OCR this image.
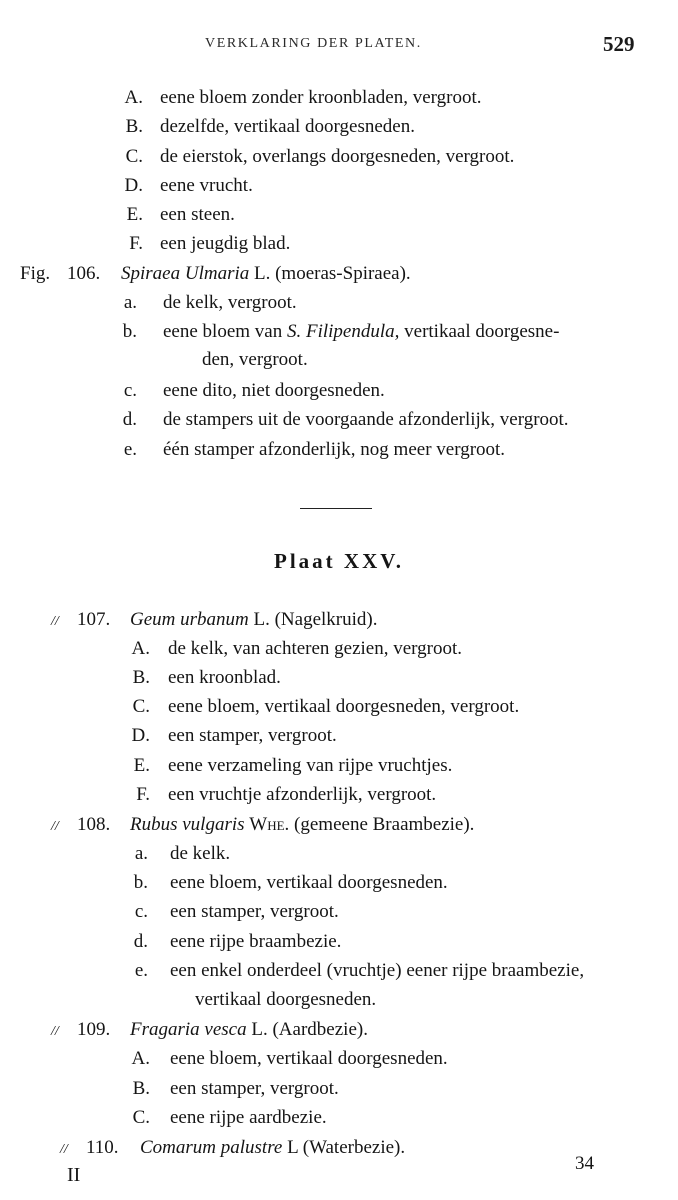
VERKLARING DER PLATEN.	529
A. eene bloem zonder kroonbladen, vergroot.
B. dezelfde, vertikaal doorgesneden.
C. de eierstok, overlangs doorgesneden, vergroot.
D. eene vrucht.
E. een steen.
F. een jeugdig blad.
Fig. 106. Spiraea Ulmaria L. (moeras-Spiraea).
a. de kelk, vergroot.
b. eene bloem van S. Filipendula, vertikaal doorgesne-
den, vergroot.
c. eene dito, niet doorgesneden.
d. de stampers uit de voorgaande afzonderlijk, vergroot.
e. één stamper afzonderlijk, nog meer vergroot.
Plaat XXV.
// 107. Geum urbanum L. (Nagelkruid).
A. de kelk, van achteren gezien, vergroot.
B. een kroonblad.
C. eene bloem, vertikaal doorgesneden, vergroot.
D. een stamper, vergroot.
E. eene verzameling van rijpe vruchtjes.
F. een vruchtje afzonderlijk, vergroot.
// 108. Rubus vulgaris Whe. (gemeene Braambezie).
a. de kelk.
b. eene bloem, vertikaal doorgesneden.
c. een stamper, vergroot.
d. eene rijpe braambezie.
e. een enkel onderdeel (vruchtje) eener rijpe braambezie,
vertikaal doorgesneden.
// 109. Fragaria vesca L. (Aardbezie).
A. eene bloem, vertikaal doorgesneden.
B. een stamper, vergroot.
C. eene rijpe aardbezie.
// 110. Comarum palustre L (Waterbezie).
II
34
